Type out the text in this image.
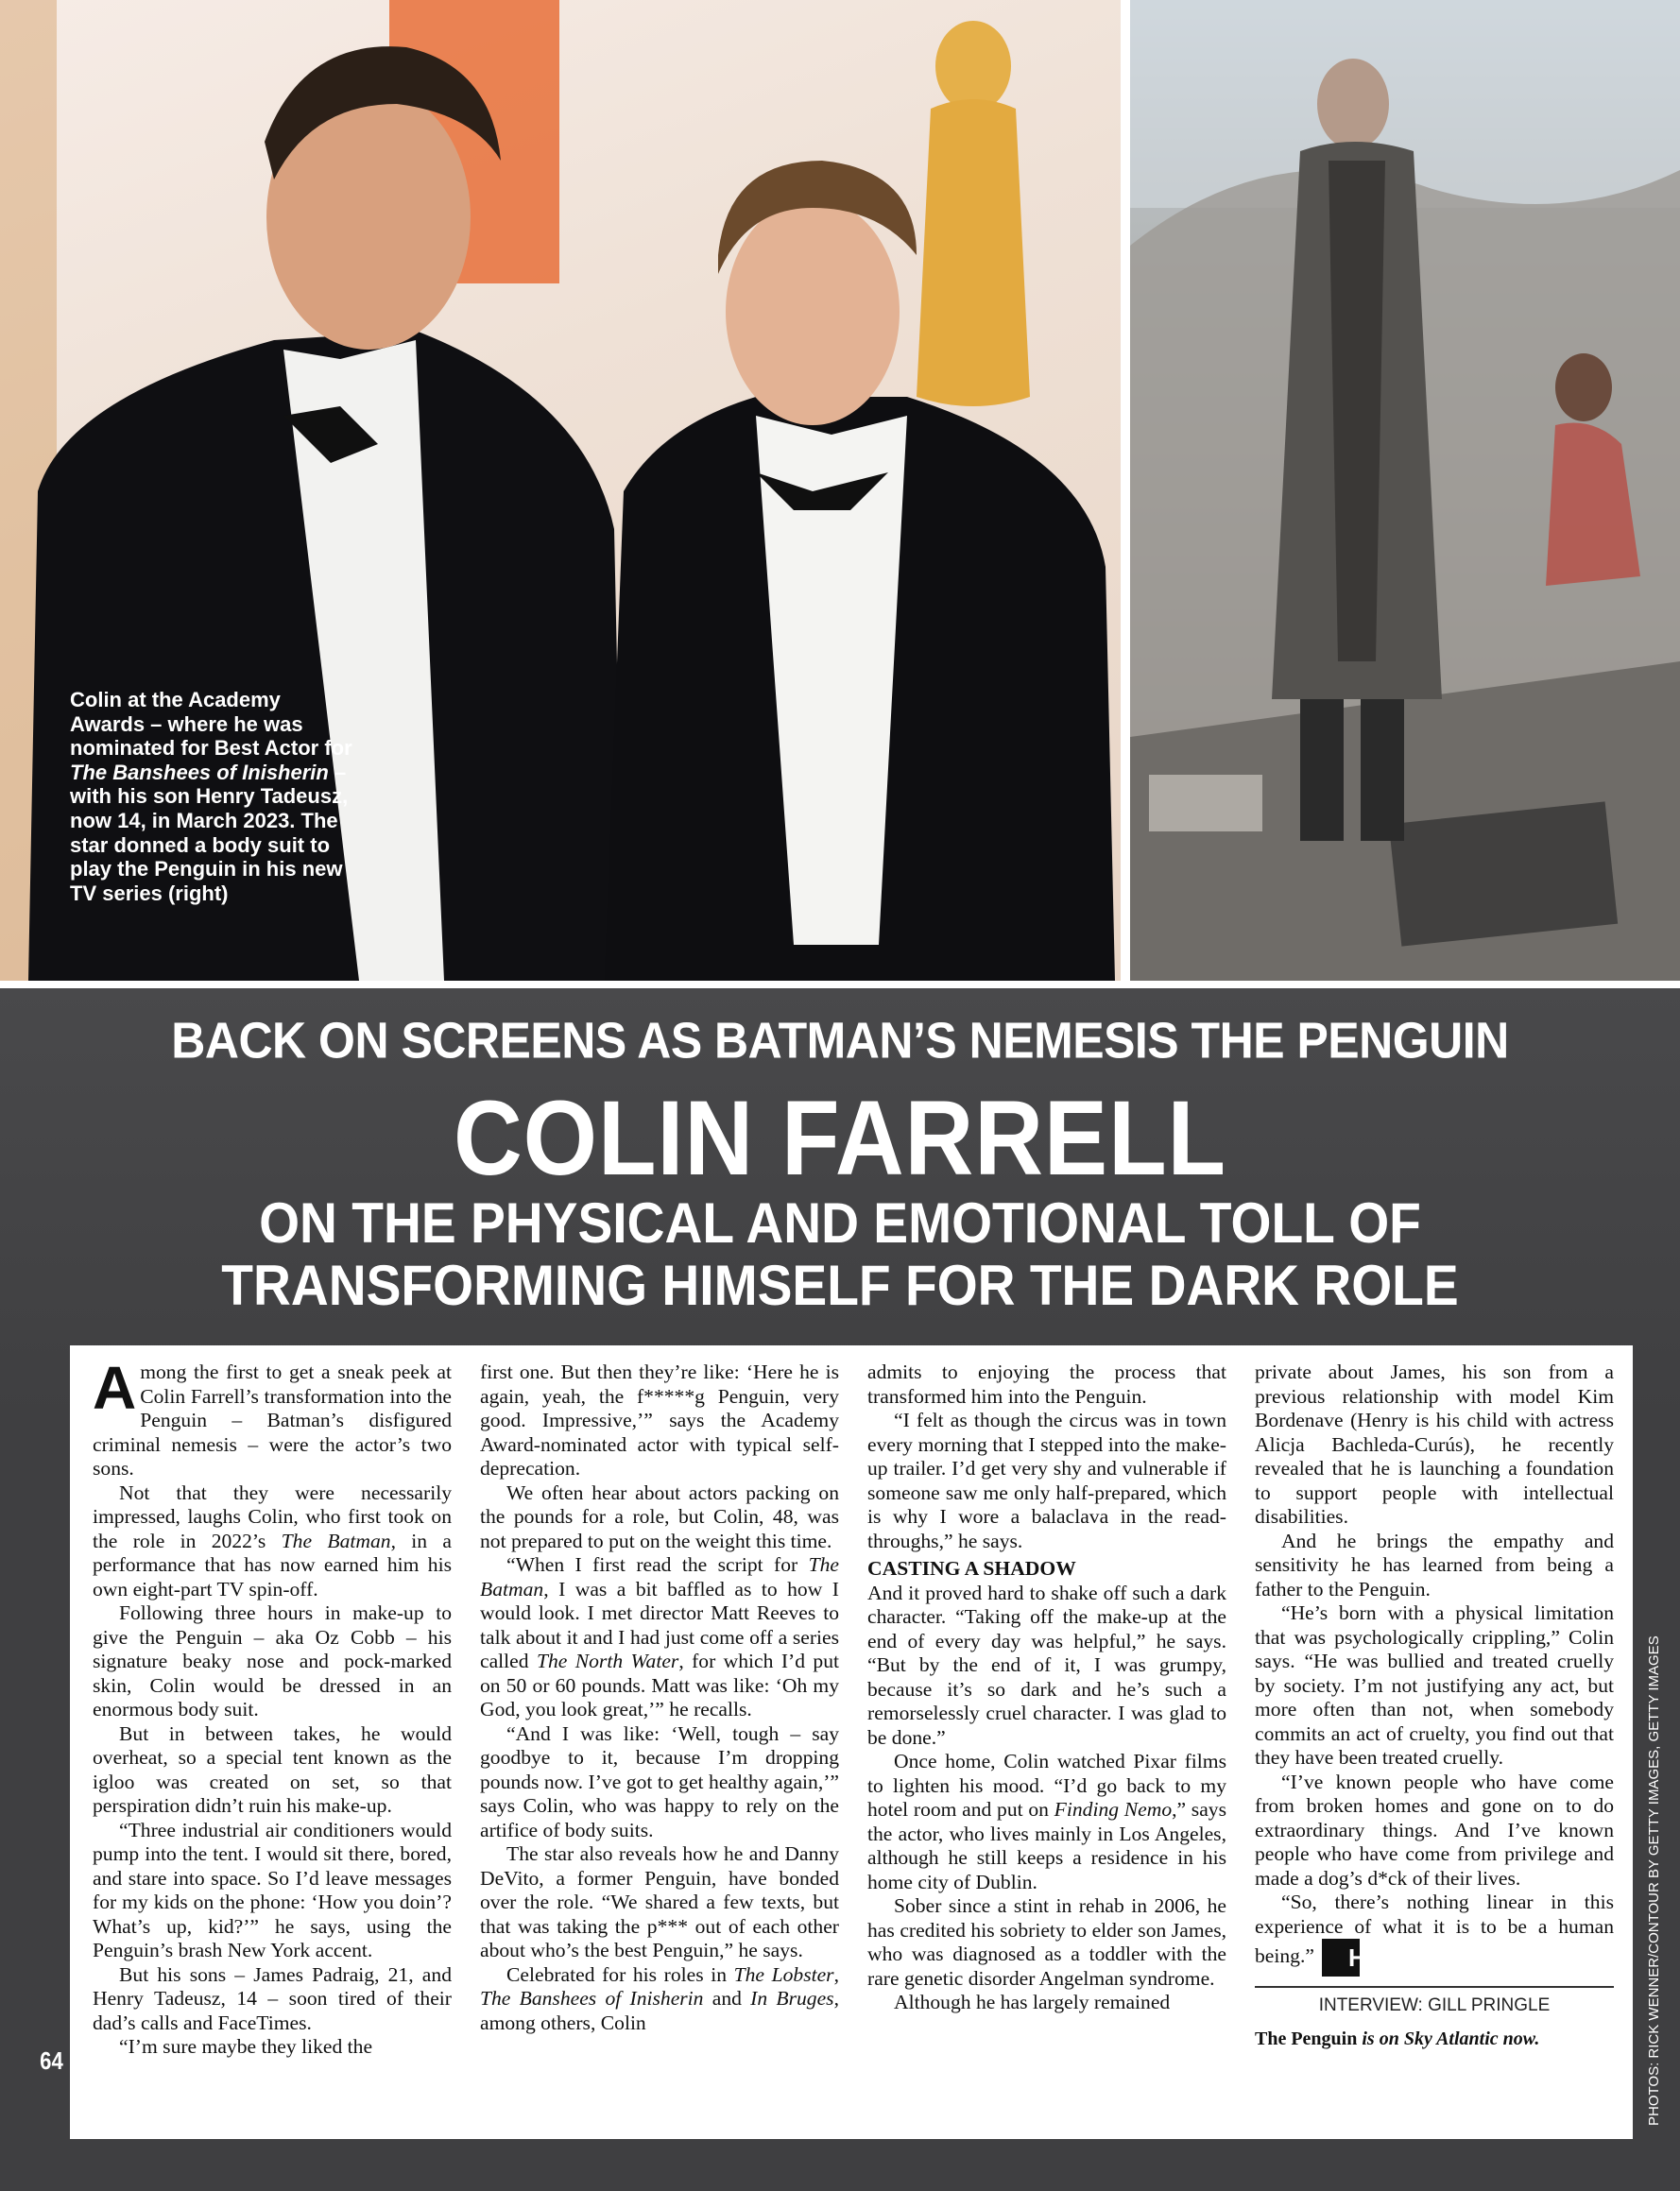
Colin at the Academy Awards – where he was nominated for Best Actor for The Banshees of Inisherin – with his son Henry Tadeusz, now 14, in March 2023. The star donned a body suit to play the Penguin in his new TV series (right)
BACK ON SCREENS AS BATMAN’S NEMESIS THE PENGUIN
COLIN FARRELL
ON THE PHYSICAL AND EMOTIONAL TOLL OF
TRANSFORMING HIMSELF FOR THE DARK ROLE

Among the first to get a sneak peek at Colin Farrell’s transformation into the Penguin – Batman’s disfigured criminal nemesis – were the actor’s two sons.

Not that they were necessarily impressed, laughs Colin, who first took on the role in 2022’s The Batman, in a performance that has now earned him his own eight-part TV spin-off.

Following three hours in make-up to give the Penguin – aka Oz Cobb – his signature beaky nose and pock-marked skin, Colin would be dressed in an enormous body suit.

But in between takes, he would overheat, so a special tent known as the igloo was created on set, so that perspiration didn’t ruin his make-up.

“Three industrial air conditioners would pump into the tent. I would sit there, bored, and stare into space. So I’d leave messages for my kids on the phone: ‘How you doin’? What’s up, kid?’” he says, using the Penguin’s brash New York accent.

But his sons – James Padraig, 21, and Henry Tadeusz, 14 – soon tired of their dad’s calls and FaceTimes.

“I’m sure maybe they liked the

first one. But then they’re like: ‘Here he is again, yeah, the f*****g Penguin, very good. Impressive,’” says the Academy Award-nominated actor with typical self-deprecation.

We often hear about actors packing on the pounds for a role, but Colin, 48, was not prepared to put on the weight this time.

“When I first read the script for The Batman, I was a bit baffled as to how I would look. I met director Matt Reeves to talk about it and I had just come off a series called The North Water, for which I’d put on 50 or 60 pounds. Matt was like: ‘Oh my God, you look great,’” he recalls.

“And I was like: ‘Well, tough – say goodbye to it, because I’m dropping pounds now. I’ve got to get healthy again,’” says Colin, who was happy to rely on the artifice of body suits.

The star also reveals how he and Danny DeVito, a former Penguin, have bonded over the role. “We shared a few texts, but that was taking the p*** out of each other about who’s the best Penguin,” he says.

Celebrated for his roles in The Lobster, The Banshees of Inisherin and In Bruges, among others, Colin

admits to enjoying the process that transformed him into the Penguin.

“I felt as though the circus was in town every morning that I stepped into the make-up trailer. I’d get very shy and vulnerable if someone saw me only half-prepared, which is why I wore a balaclava in the read-throughs,” he says.

CASTING A SHADOW

And it proved hard to shake off such a dark character. “Taking off the make-up at the end of every day was helpful,” he says. “But by the end of it, I was grumpy, because it’s so dark and he’s such a remorselessly cruel character. I was glad to be done.”

Once home, Colin watched Pixar films to lighten his mood. “I’d go back to my hotel room and put on Finding Nemo,” says the actor, who lives mainly in Los Angeles, although he still keeps a residence in his home city of Dublin.

Sober since a stint in rehab in 2006, he has credited his sobriety to elder son James, who was diagnosed as a toddler with the rare genetic disorder Angelman syndrome.

Although he has largely remained

private about James, his son from a previous relationship with model Kim Bordenave (Henry is his child with actress Alicja Bachleda-Curús), he recently revealed that he is launching a foundation to support people with intellectual disabilities.

And he brings the empathy and sensitivity he has learned from being a father to the Penguin.

“He’s born with a physical limitation that was psychologically crippling,” Colin says. “He was bullied and treated cruelly by society. I’m not justifying any act, but more often than not, when somebody commits an act of cruelty, you find out that they have been treated cruelly.

“I’ve known people who have come from broken homes and gone on to do extraordinary things. And I’ve known people who have come from privilege and made a dog’s d*ck of their lives.

“So, there’s nothing linear in this experience of what it is to be a human being.” H

INTERVIEW: GILL PRINGLE
The Penguin is on Sky Atlantic now.
64	PHOTOS: RICK WENNER/CONTOUR BY GETTY IMAGES, GETTY IMAGES
